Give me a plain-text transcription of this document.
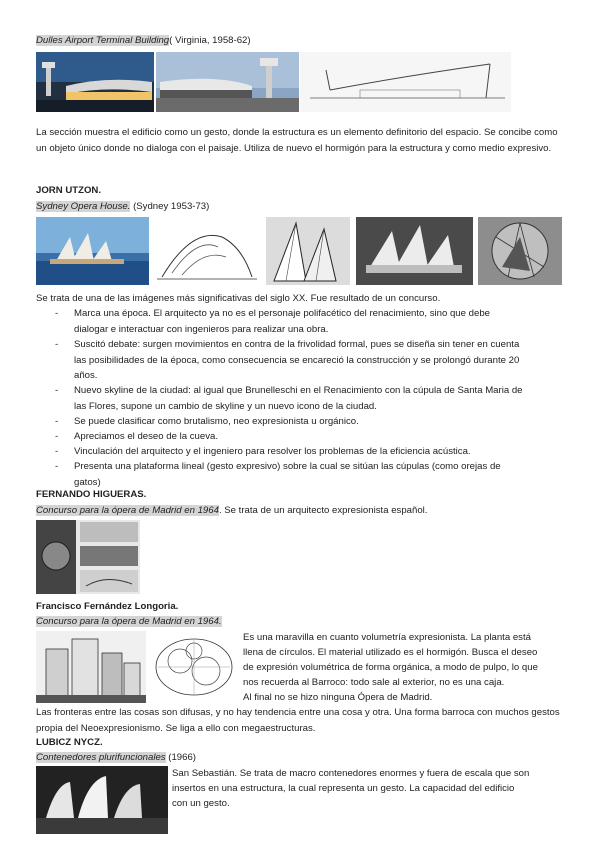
Dulles Airport Terminal Building( Virginia, 1958-62)
La sección muestra el edificio como un gesto, donde la estructura es un elemento definitorio del espacio. Se concibe como un objeto único donde no dialoga con el paisaje. Utiliza de nuevo el hormigón para la estructura y como medio expresivo.
JORN UTZON.
Sydney Opera House. (Sydney 1953-73)
Se trata de una de las imágenes más significativas del siglo XX. Fue resultado de un concurso.
- Marca una época. El arquitecto ya no es el personaje polifacético del renacimiento, sino que debe
dialogar e interactuar con ingenieros para realizar una obra.
- Suscitó debate: surgen movimientos en contra de la frivolidad formal, pues se diseña sin tener en cuenta
las posibilidades de la época, como consecuencia se encareció la construcción y se prolongó durante 20
años.
- Nuevo skyline de la ciudad: al igual que Brunelleschi en el Renacimiento con la cúpula de Santa Maria de
las Flores, supone un cambio de skyline y un nuevo icono de la ciudad.
- Se puede clasificar como brutalismo, neo expresionista u orgánico.
- Apreciamos el deseo de la cueva.
- Vinculación del arquitecto y el ingeniero para resolver los problemas de la eficiencia acústica.
- Presenta una plataforma lineal (gesto expresivo) sobre la cual se sitúan las cúpulas (como orejas de
gatos)
FERNANDO HIGUERAS.
Concurso para la ópera de Madrid en 1964. Se trata de un arquitecto expresionista español.
Francisco Fernández Longoria.
Concurso para la ópera de Madrid en 1964.
Es una maravilla en cuanto volumetría expresionista. La planta está
llena de círculos. El material utilizado es el hormigón. Busca el deseo
de expresión volumétrica de forma orgánica, a modo de pulpo, lo que
nos recuerda al Barroco: todo sale al exterior, no es una caja.
Al final no se hizo ninguna Ópera de Madrid.
Las fronteras entre las cosas son difusas, y no hay tendencia entre una cosa y otra. Una forma barroca con muchos gestos propia del Neoexpresionismo. Se liga a ello con megaestructuras.
LUBICZ NYCZ.
Contenedores plurifuncionales (1966)
San Sebastián. Se trata de macro contenedores enormes y fuera de escala que son
insertos en una estructura, la cual representa un gesto. La capacidad del edificio
con un gesto.
